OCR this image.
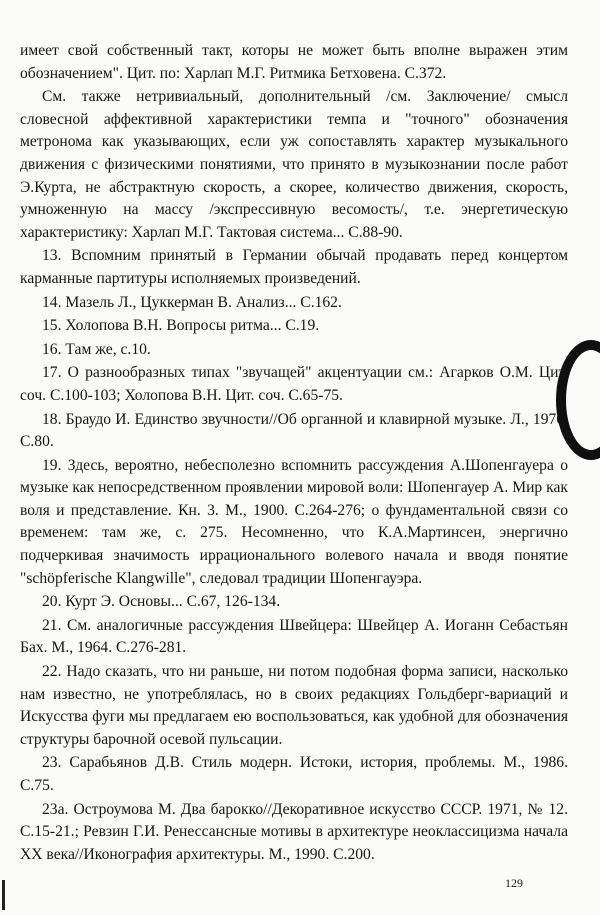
имеет свой собственный такт, которы не может быть вполне выражен этим обозначением". Цит. по: Харлап М.Г. Ритмика Бетховена. С.372.

См. также нетривиальный, дополнительный /см. Заключение/ смысл словесной аффективной характеристики темпа и "точного" обозначения метронома как указывающих, если уж сопоставлять характер музыкального движения с физическими понятиями, что принято в музыкознании после работ Э.Курта, не абстрактную скорость, а скорее, количество движения, скорость, умноженную на массу /экспрессивную весомость/, т.е. энергетическую характеристику: Харлап М.Г. Тактовая система... С.88-90.

13. Вспомним принятый в Германии обычай продавать перед концертом карманные партитуры исполняемых произведений.

14. Мазель Л., Цуккерман В. Анализ... С.162.

15. Холопова В.Н. Вопросы ритма... С.19.

16. Там же, с.10.

17. О разнообразных типах "звучащей" акцентуации см.: Агарков О.М. Цит. соч. С.100-103; Холопова В.Н. Цит. соч. С.65-75.

18. Браудо И. Единство звучности//Об органной и клавирной музыке. Л., 1976. С.80.

19. Здесь, вероятно, небесполезно вспомнить рассуждения А.Шопенгауера о музыке как непосредственном проявлении мировой воли: Шопенгауер А. Мир как воля и представление. Кн. 3. М., 1900. С.264-276; о фундаментальной связи со временем: там же, с. 275. Несомненно, что К.А.Мартинсен, энергично подчеркивая значимость иррационального волевого начала и вводя понятие "schöpferische Klangwille", следовал традиции Шопенгауэра.

20. Курт Э. Основы... С.67, 126-134.

21. См. аналогичные рассуждения Швейцера: Швейцер А. Иоганн Себастьян Бах. М., 1964. С.276-281.

22. Надо сказать, что ни раньше, ни потом подобная форма записи, насколько нам известно, не употреблялась, но в своих редакциях Гольдберг-вариаций и Искусства фуги мы предлагаем ею воспользоваться, как удобной для обозначения структуры барочной осевой пульсации.

23. Сарабьянов Д.В. Стиль модерн. Истоки, история, проблемы. М., 1986. С.75.

23а. Остроумова М. Два барокко//Декоративное искусство СССР. 1971, № 12. С.15-21.; Ревзин Г.И. Ренессансные мотивы в архитектуре неоклассицизма начала XX века//Иконография архитектуры. М., 1990. С.200.

129
